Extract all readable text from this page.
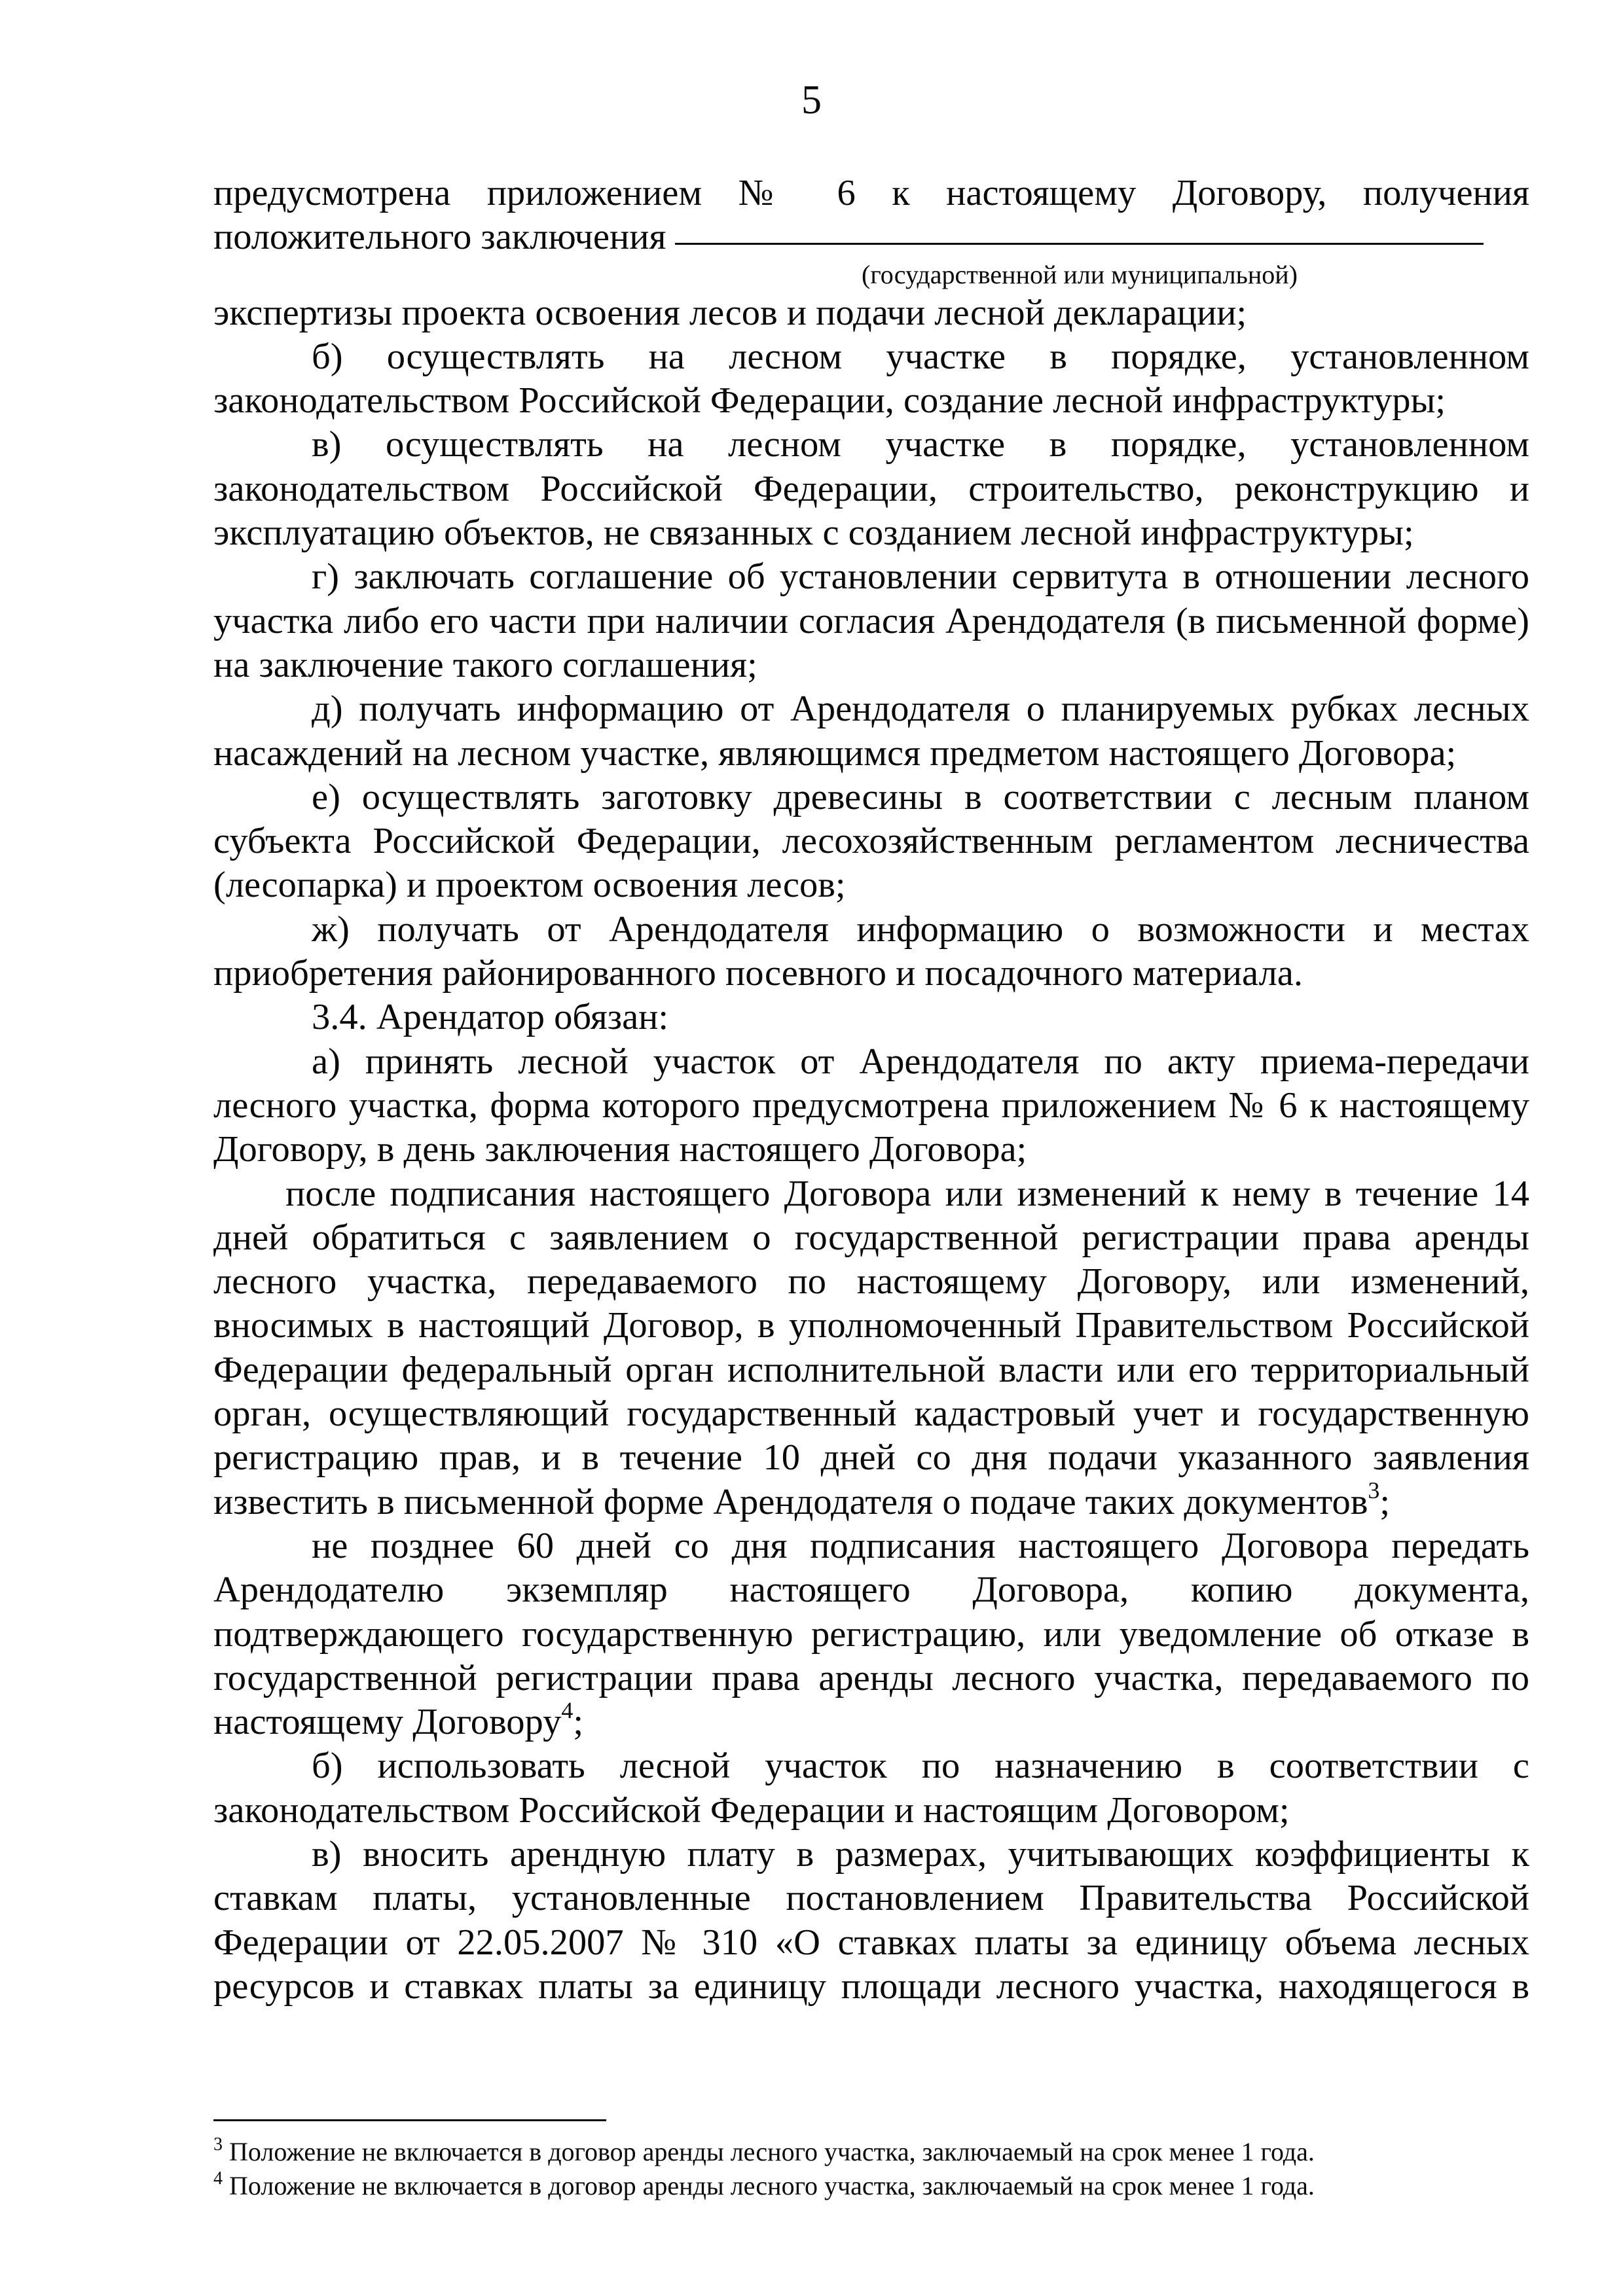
5

предусмотрена приложением № 6 к настоящему Договору, получения

положительного заключения

(государственной или муниципальной)

экспертизы проекта освоения лесов и подачи лесной декларации;

б) осуществлять на лесном участке в порядке, установленном законодательством Российской Федерации, создание лесной инфраструктуры;

в) осуществлять на лесном участке в порядке, установленном законодательством Российской Федерации, строительство, реконструкцию и эксплуатацию объектов, не связанных с созданием лесной инфраструктуры;

г) заключать соглашение об установлении сервитута в отношении лесного участка либо его части при наличии согласия Арендодателя (в письменной форме) на заключение такого соглашения;

д) получать информацию от Арендодателя о планируемых рубках лесных насаждений на лесном участке, являющимся предметом настоящего Договора;

е) осуществлять заготовку древесины в соответствии с лесным планом субъекта Российской Федерации, лесохозяйственным регламентом лесничества (лесопарка) и проектом освоения лесов;

ж) получать от Арендодателя информацию о возможности и местах приобретения районированного посевного и посадочного материала.

3.4. Арендатор обязан:

а) принять лесной участок от Арендодателя по акту приема-передачи лесного участка, форма которого предусмотрена приложением № 6 к настоящему Договору, в день заключения настоящего Договора;

после подписания настоящего Договора или изменений к нему в течение 14 дней обратиться с заявлением о государственной регистрации права аренды лесного участка, передаваемого по настоящему Договору, или изменений, вносимых в настоящий Договор, в уполномоченный Правительством Российской Федерации федеральный орган исполнительной власти или его территориальный орган, осуществляющий государственный кадастровый учет и государственную регистрацию прав, и в течение 10 дней со дня подачи указанного заявления известить в письменной форме Арендодателя о подаче таких документов$^3$;

не позднее 60 дней со дня подписания настоящего Договора передать Арендодателю экземпляр настоящего Договора, копию документа, подтверждающего государственную регистрацию, или уведомление об отказе в государственной регистрации права аренды лесного участка, передаваемого по настоящему Договору$^4$;

б) использовать лесной участок по назначению в соответствии с законодательством Российской Федерации и настоящим Договором;

в) вносить арендную плату в размерах, учитывающих коэффициенты к ставкам платы, установленные постановлением Правительства Российской Федерации от 22.05.2007 № 310 «О ставках платы за единицу объема лесных ресурсов и ставках платы за единицу площади лесного участка, находящегося в

$^3$ Положение не включается в договор аренды лесного участка, заключаемый на срок менее 1 года.

$^4$ Положение не включается в договор аренды лесного участка, заключаемый на срок менее 1 года.
